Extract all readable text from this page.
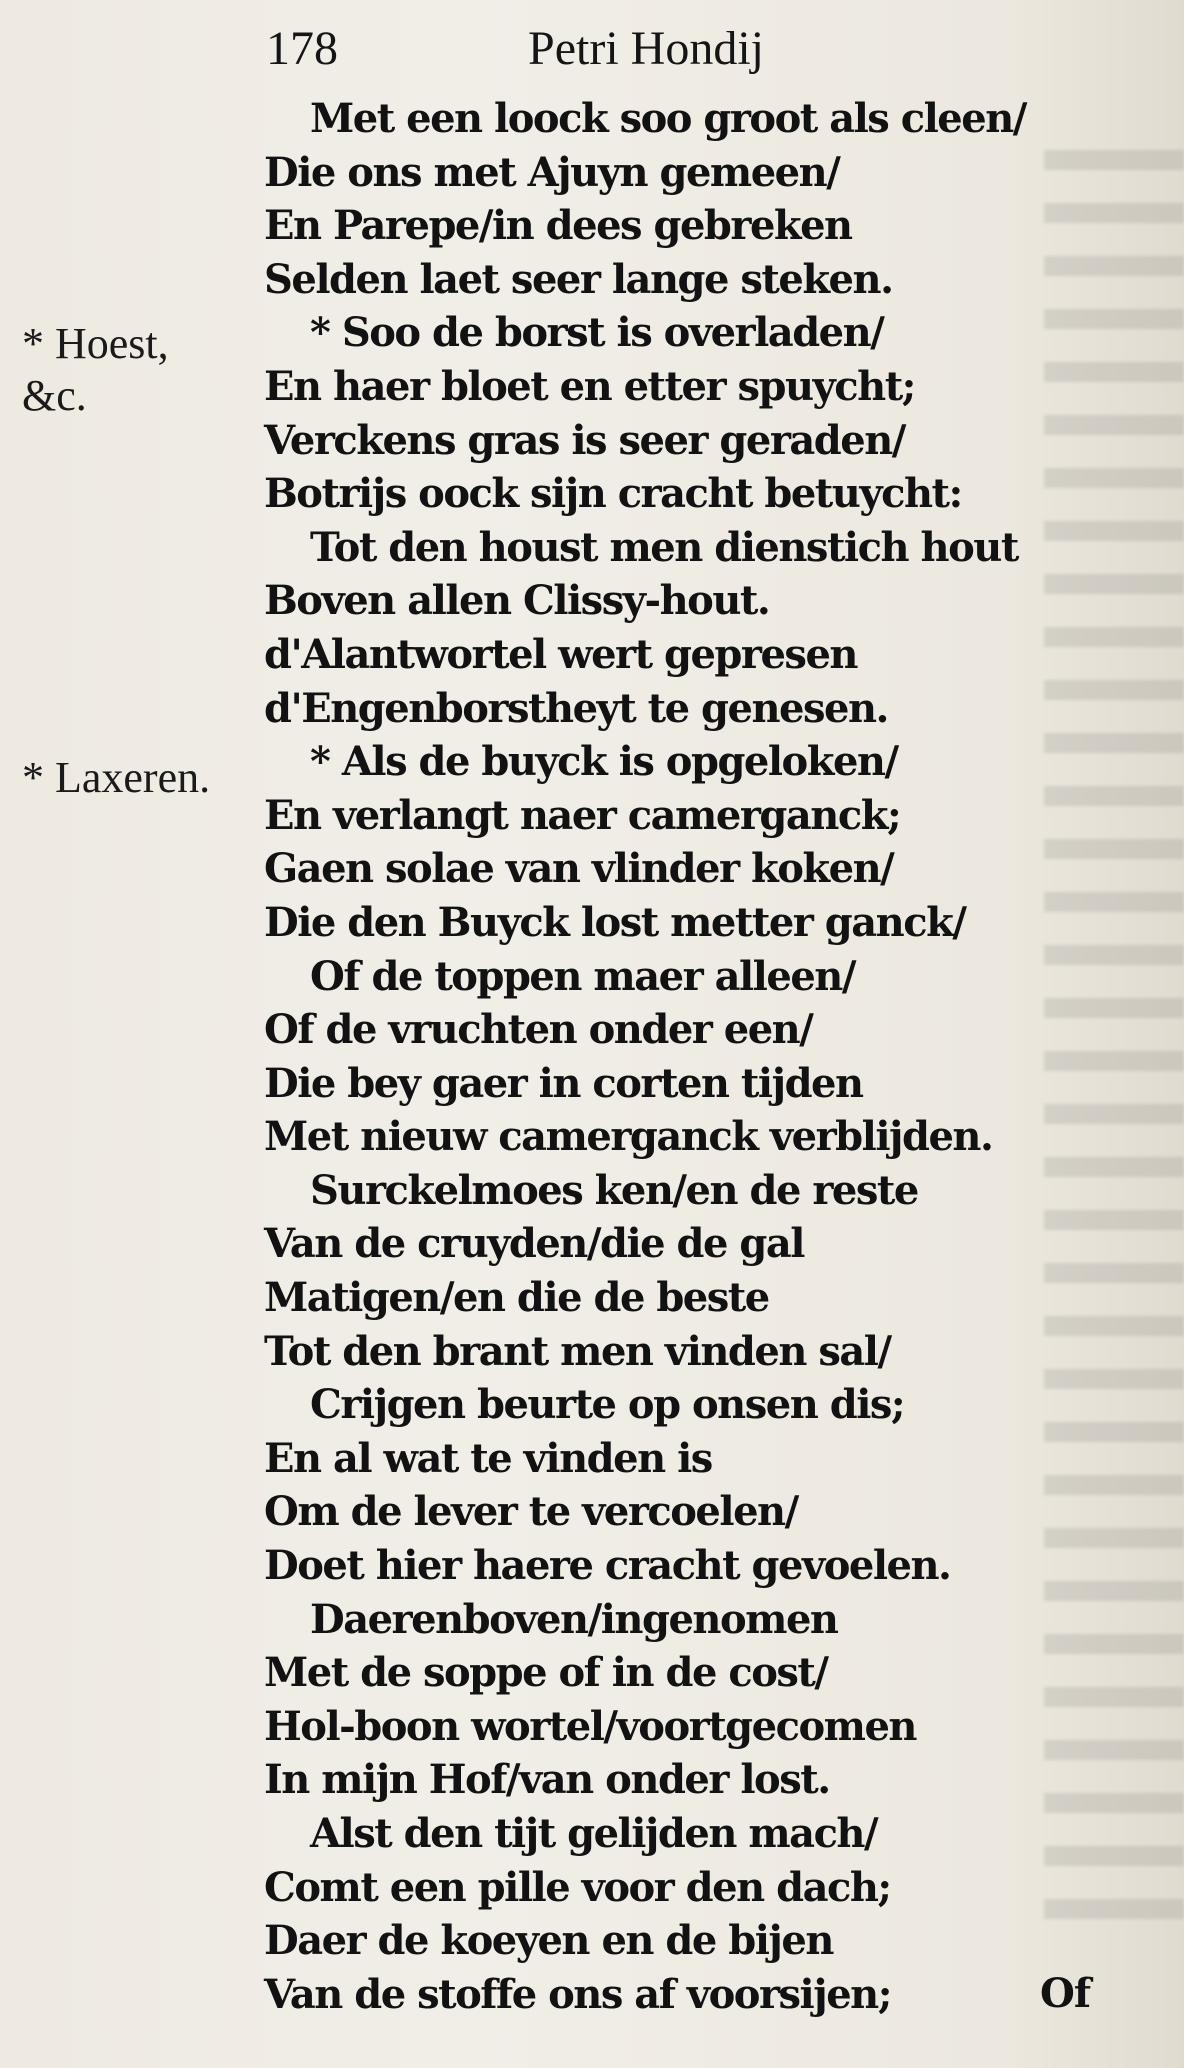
178	Petri Hondij
* Hoest,
&c.
* Laxeren.
Met een loock soo groot als cleen/
Die ons met Ajuyn gemeen/
En Parepe/in dees gebreken
Selden laet seer lange steken.
* Soo de borst is overladen/
En haer bloet en etter spuycht;
Verckens gras is seer geraden/
Botrijs oock sijn cracht betuycht:
Tot den houst men dienstich hout
Boven allen Clissy-hout.
d'Alantwortel wert gepresen
d'Engenborstheyt te genesen.
* Als de buyck is opgeloken/
En verlangt naer camerganck;
Gaen solae van vlinder koken/
Die den Buyck lost metter ganck/
Of de toppen maer alleen/
Of de vruchten onder een/
Die bey gaer in corten tijden
Met nieuw camerganck verblijden.
Surckelmoes ken/en de reste
Van de cruyden/die de gal
Matigen/en die de beste
Tot den brant men vinden sal/
Crijgen beurte op onsen dis;
En al wat te vinden is
Om de lever te vercoelen/
Doet hier haere cracht gevoelen.
Daerenboven/ingenomen
Met de soppe of in de cost/
Hol-boon wortel/voortgecomen
In mijn Hof/van onder lost.
Alst den tijt gelijden mach/
Comt een pille voor den dach;
Daer de koeyen en de bijen
Van de stoffe ons af voorsijen;	Of
